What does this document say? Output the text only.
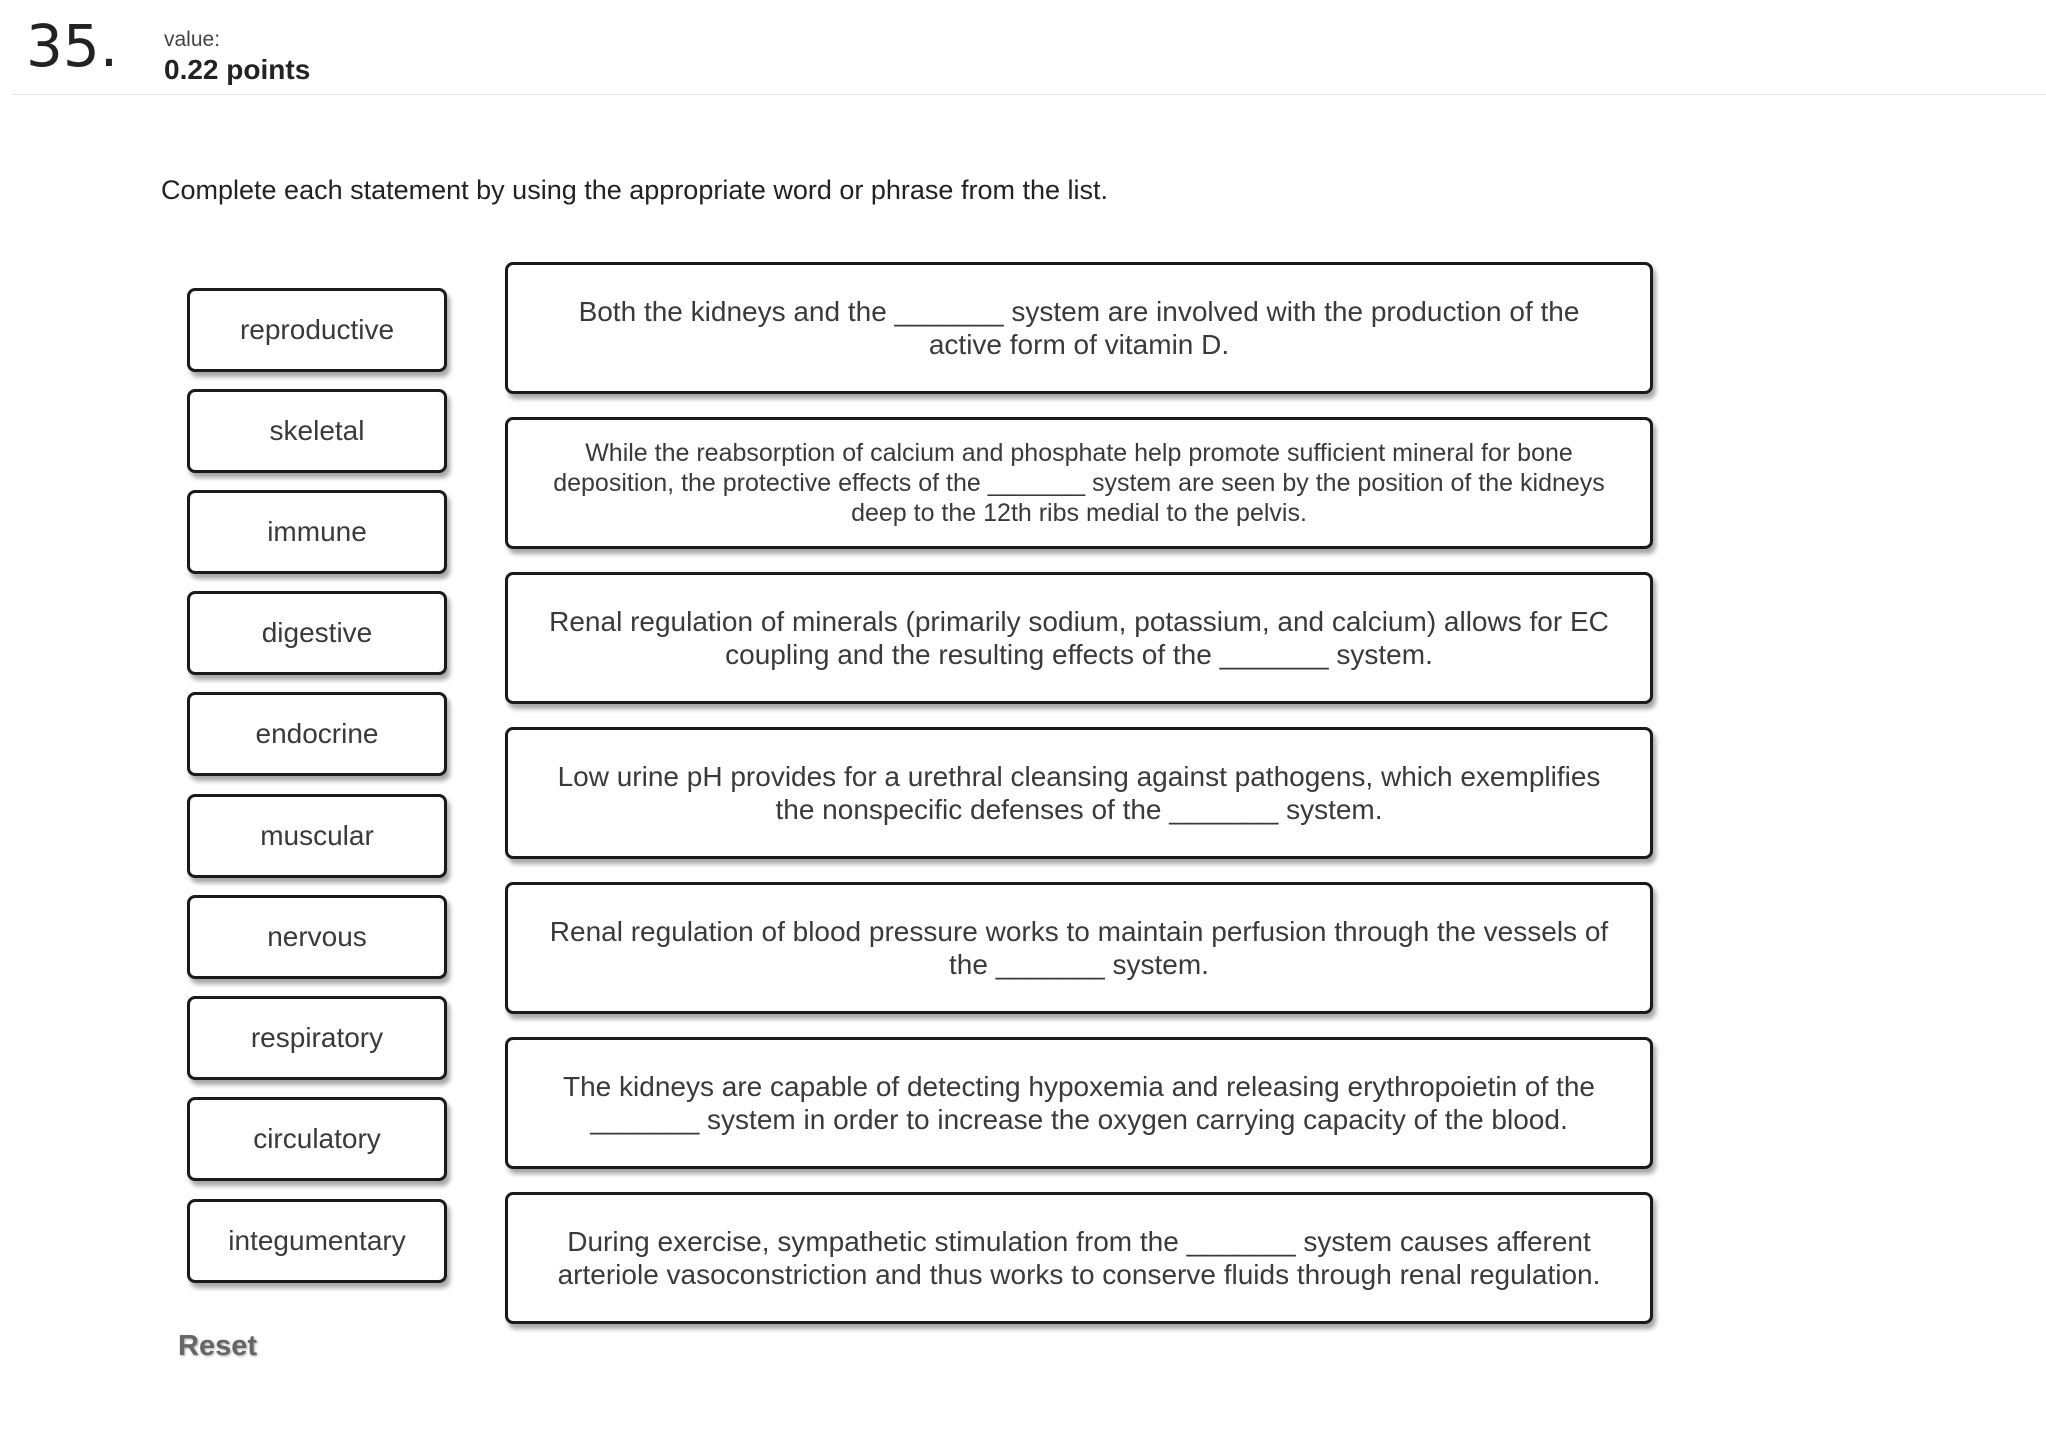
35. value:
0.22 points
Complete each statement by using the appropriate word or phrase from the list.
reproductive
skeletal
immune
digestive
endocrine
muscular
nervous
respiratory
circulatory
integumentary
Both the kidneys and the _______ system are involved with the production of the active form of vitamin D.
While the reabsorption of calcium and phosphate help promote sufficient mineral for bone deposition, the protective effects of the _______ system are seen by the position of the kidneys deep to the 12th ribs medial to the pelvis.
Renal regulation of minerals (primarily sodium, potassium, and calcium) allows for EC coupling and the resulting effects of the _______ system.
Low urine pH provides for a urethral cleansing against pathogens, which exemplifies the nonspecific defenses of the _______ system.
Renal regulation of blood pressure works to maintain perfusion through the vessels of the _______ system.
The kidneys are capable of detecting hypoxemia and releasing erythropoietin of the _______ system in order to increase the oxygen carrying capacity of the blood.
During exercise, sympathetic stimulation from the _______ system causes afferent arteriole vasoconstriction and thus works to conserve fluids through renal regulation.
Reset
